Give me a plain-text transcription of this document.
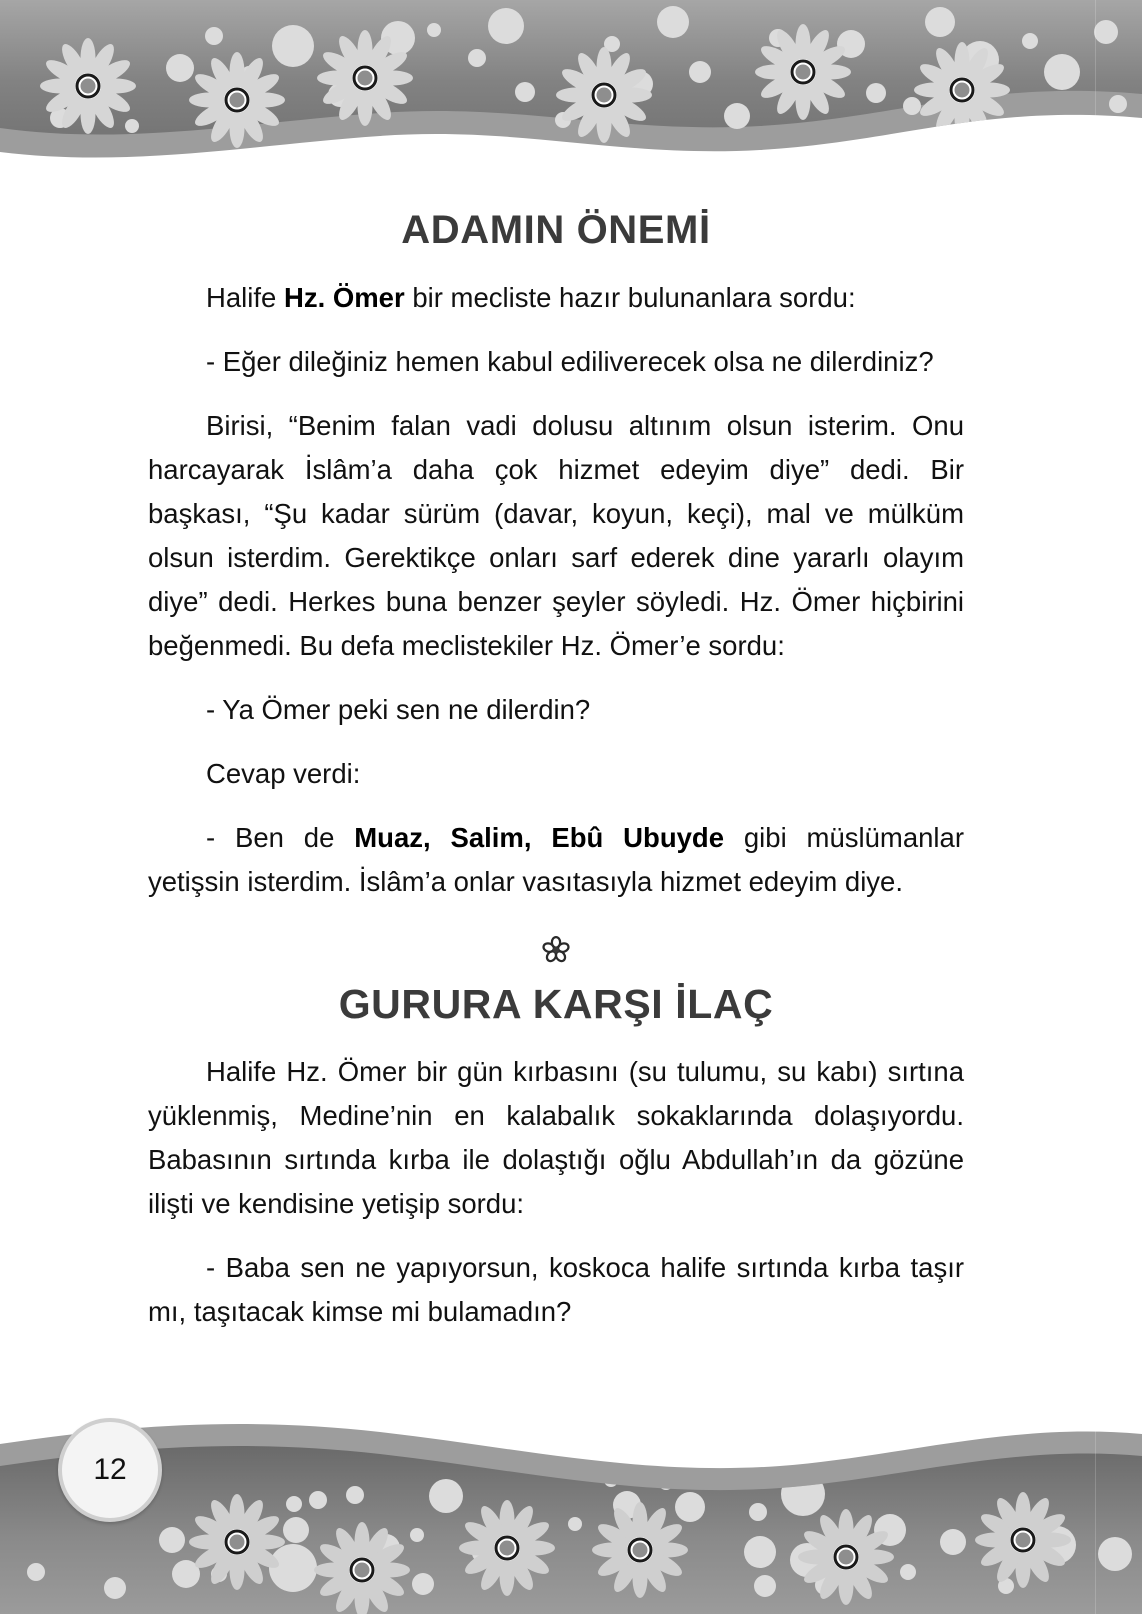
ADAMIN ÖNEMİ

Halife Hz. Ömer bir mecliste hazır bulunanlara sordu:

- Eğer dileğiniz hemen kabul ediliverecek olsa ne dilerdiniz?

Birisi, “Benim falan vadi dolusu altınım olsun isterim. Onu harcayarak İslâm’a daha çok hizmet edeyim diye” dedi. Bir başkası, “Şu kadar sürüm (davar, koyun, keçi), mal ve mülküm olsun isterdim. Gerektikçe onları sarf ederek dine yararlı olayım diye” dedi. Herkes buna benzer şeyler söyledi. Hz. Ömer hiçbirini beğenmedi. Bu defa meclistekiler Hz. Ömer’e sordu:

- Ya Ömer peki sen ne dilerdin?

Cevap verdi:

- Ben de Muaz, Salim, Ebû Ubuyde gibi müslümanlar yetişsin isterdim. İslâm’a onlar vasıtasıyla hizmet edeyim diye.

GURURA KARŞI İLAÇ

Halife Hz. Ömer bir gün kırbasını (su tulumu, su kabı) sırtına yüklenmiş, Medine’nin en kalabalık sokaklarında dolaşıyordu. Babasının sırtında kırba ile dolaştığı oğlu Abdullah’ın da gözüne ilişti ve kendisine yetişip sordu:

- Baba sen ne yapıyorsun, koskoca halife sırtında kırba taşır mı, taşıtacak kimse mi bulamadın?

12
